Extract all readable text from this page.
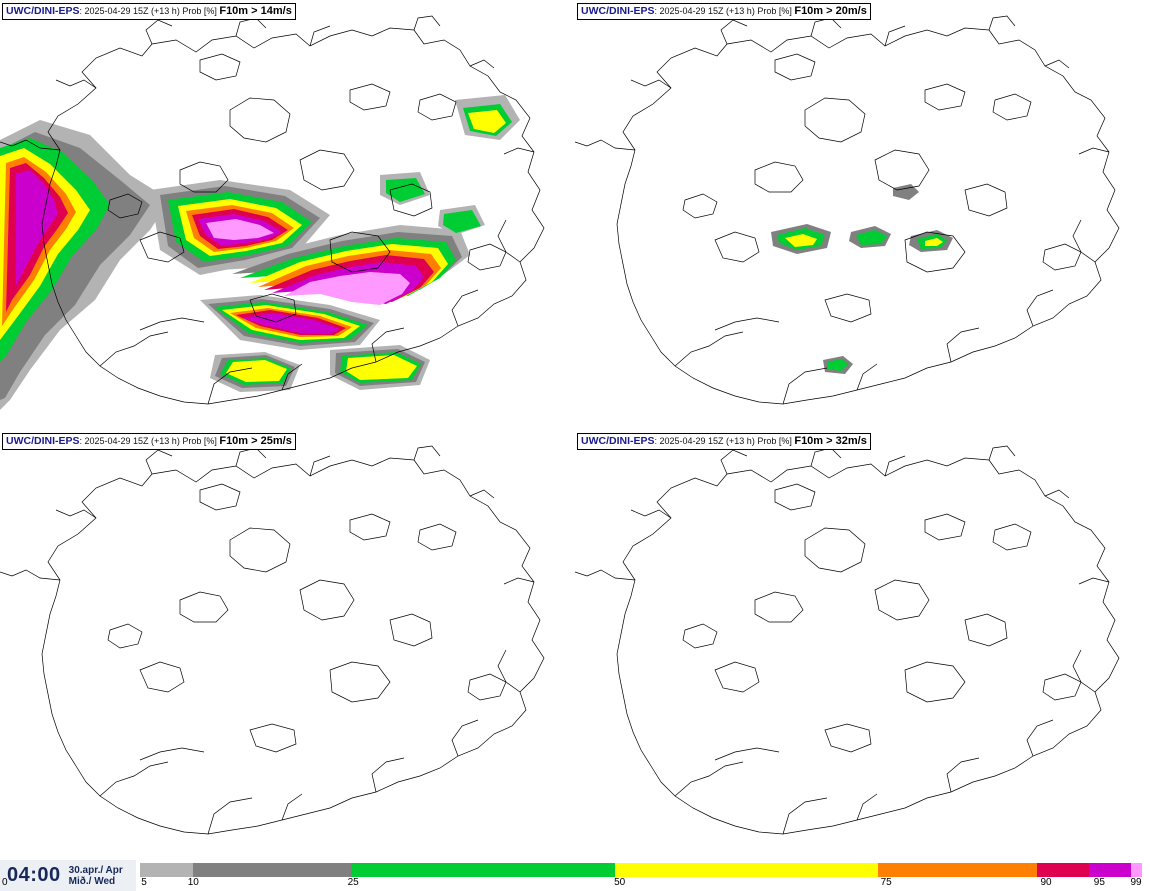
UWC/DINI-EPS: 2025-04-29 15Z (+13 h) Prob [%] F10m > 14m/s	UWC/DINI-EPS: 2025-04-29 15Z (+13 h) Prob [%] F10m > 20m/s
UWC/DINI-EPS: 2025-04-29 15Z (+13 h) Prob [%] F10m > 25m/s	UWC/DINI-EPS: 2025-04-29 15Z (+13 h) Prob [%] F10m > 32m/s
04:00 30.apr./ Apr
Mið./ Wed
0	5	10	25	50	75	90	95	99
